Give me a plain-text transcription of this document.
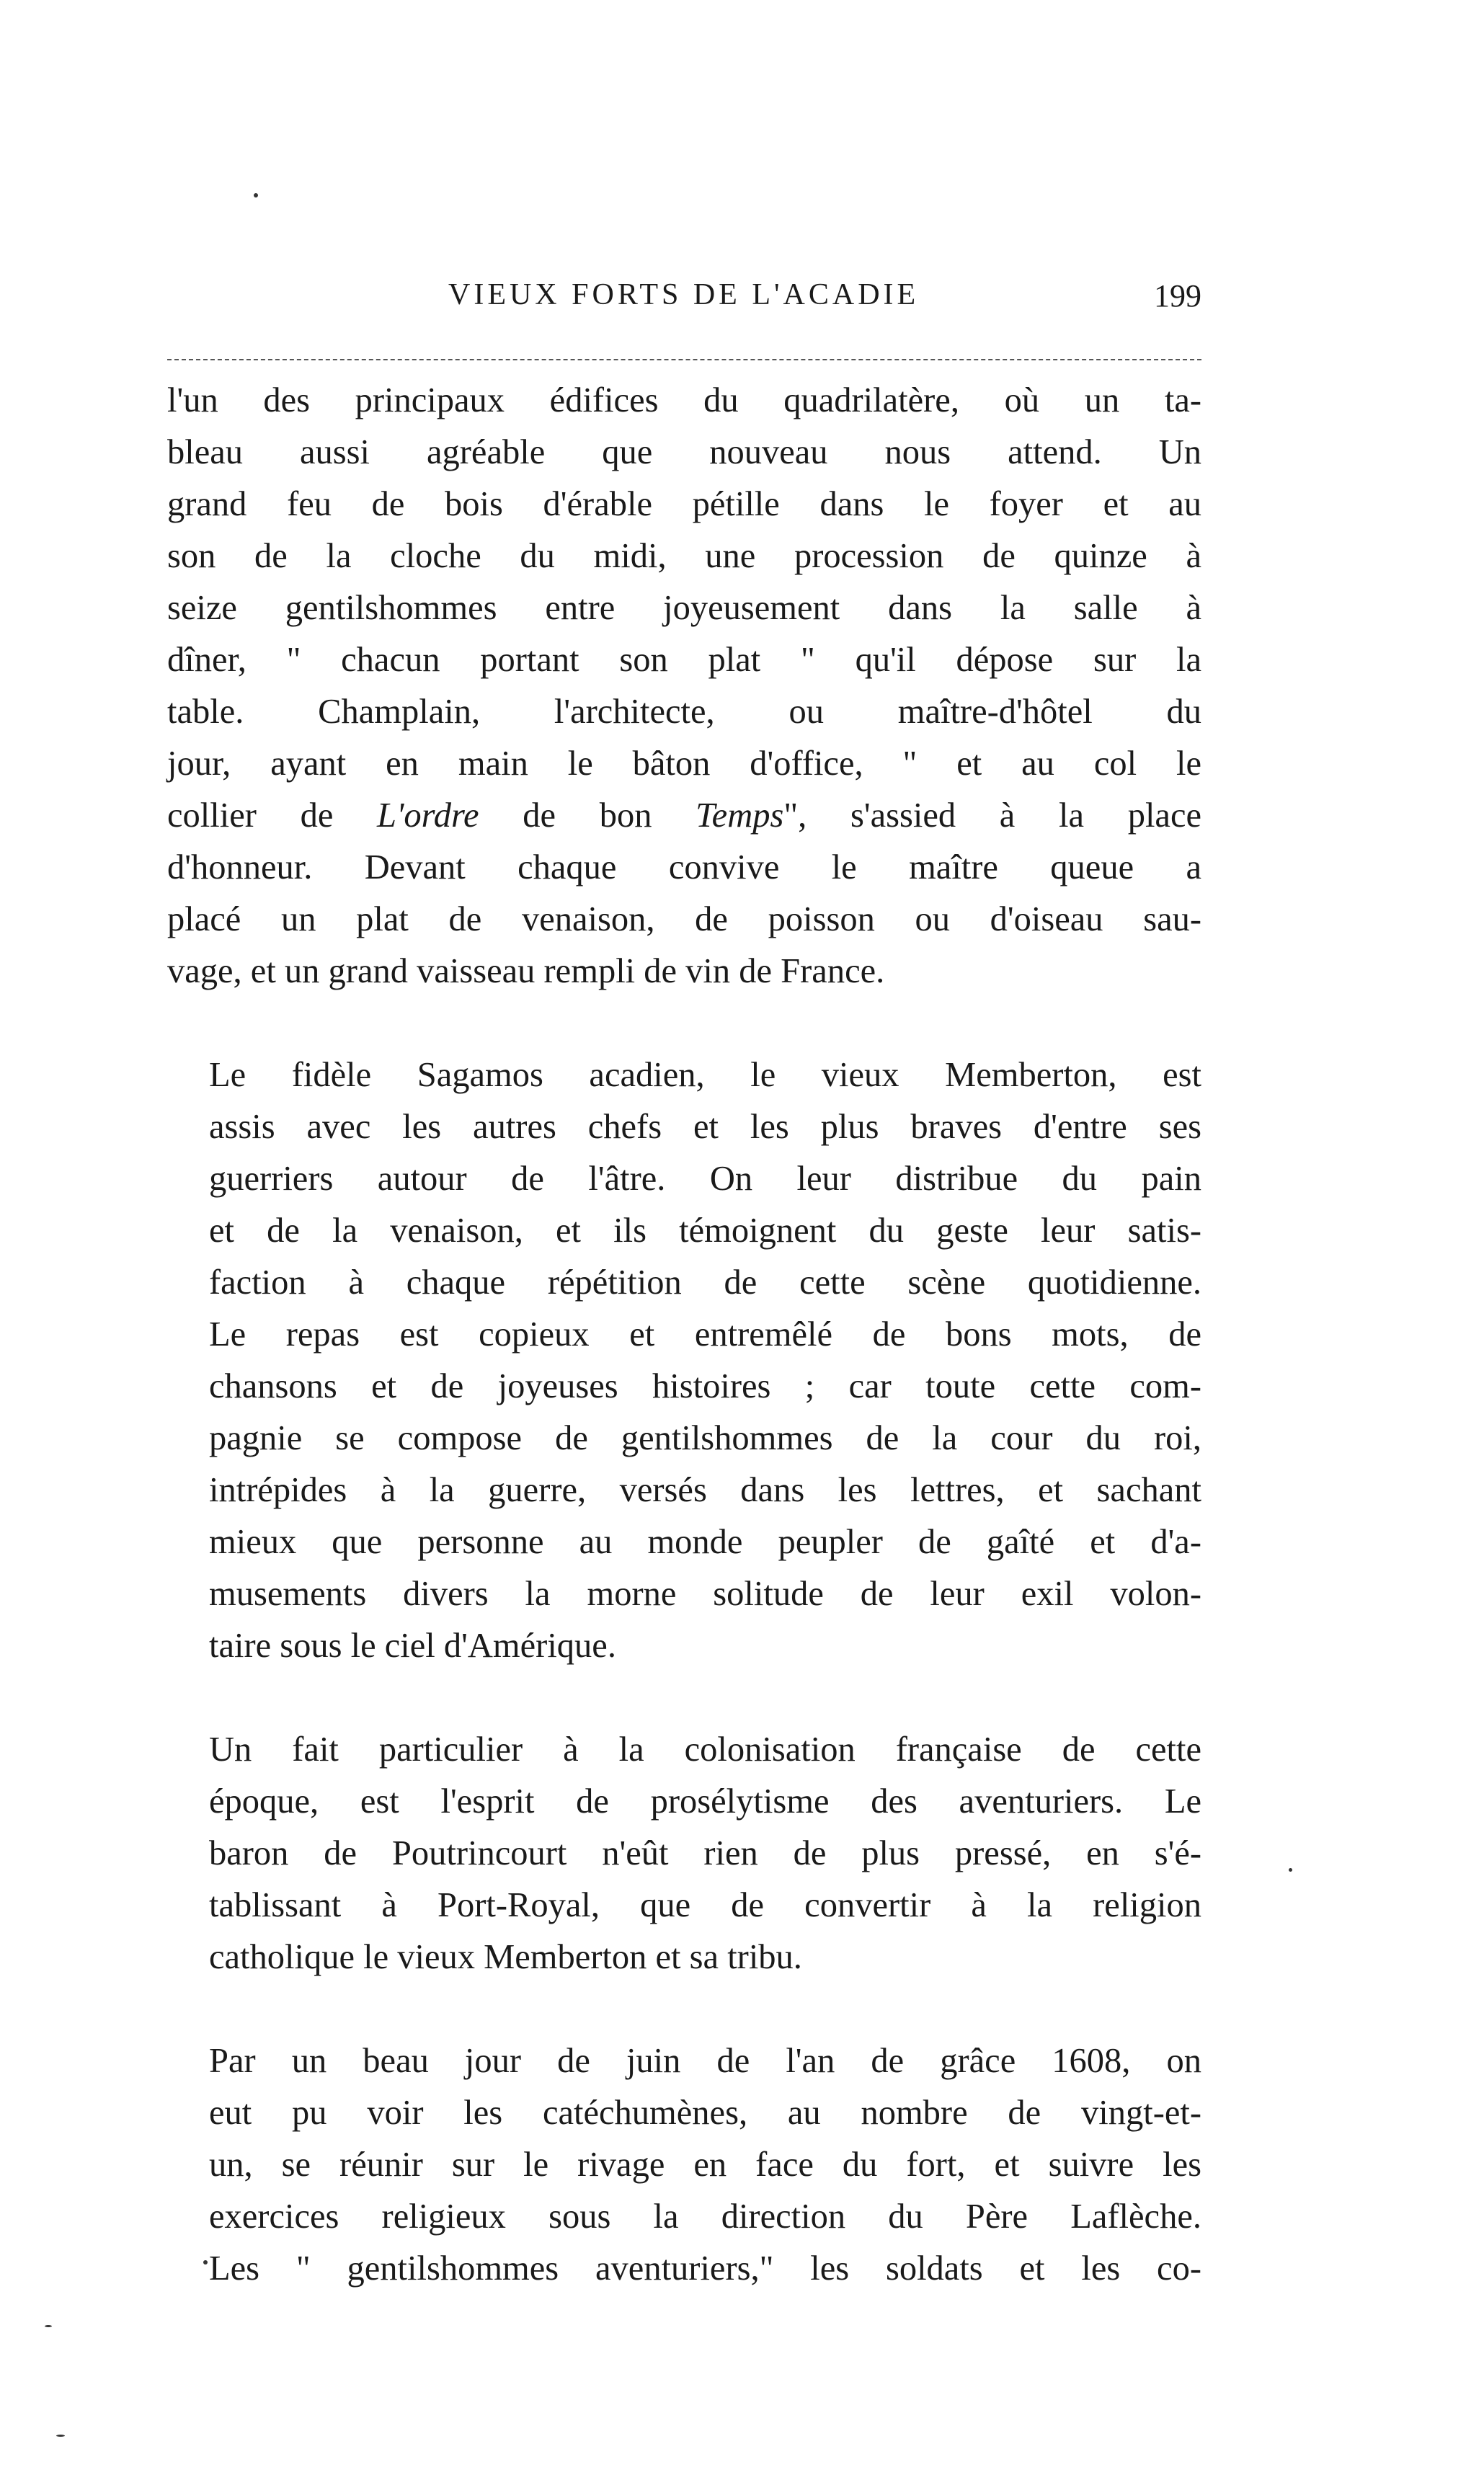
VIEUX FORTS DE L'ACADIE	199

l'un des principaux édifices du quadrilatère, où un ta-
bleau aussi agréable que nouveau nous attend. Un
grand feu de bois d'érable pétille dans le foyer et au
son de la cloche du midi, une procession de quinze à
seize gentilshommes entre joyeusement dans la salle à
dîner, " chacun portant son plat " qu'il dépose sur la
table. Champlain, l'architecte, ou maître-d'hôtel du
jour, ayant en main le bâton d'office, " et au col le
collier de L'ordre de bon Temps", s'assied à la place
d'honneur. Devant chaque convive le maître queue a
placé un plat de venaison, de poisson ou d'oiseau sau-
vage, et un grand vaisseau rempli de vin de France.

Le fidèle Sagamos acadien, le vieux Memberton, est
assis avec les autres chefs et les plus braves d'entre ses
guerriers autour de l'âtre. On leur distribue du pain
et de la venaison, et ils témoignent du geste leur satis-
faction à chaque répétition de cette scène quotidienne.
Le repas est copieux et entremêlé de bons mots, de
chansons et de joyeuses histoires ; car toute cette com-
pagnie se compose de gentilshommes de la cour du roi,
intrépides à la guerre, versés dans les lettres, et sachant
mieux que personne au monde peupler de gaîté et d'a-
musements divers la morne solitude de leur exil volon-
taire sous le ciel d'Amérique.

Un fait particulier à la colonisation française de cette
époque, est l'esprit de prosélytisme des aventuriers. Le
baron de Poutrincourt n'eût rien de plus pressé, en s'é-
tablissant à Port-Royal, que de convertir à la religion
catholique le vieux Memberton et sa tribu.

Par un beau jour de juin de l'an de grâce 1608, on
eut pu voir les catéchumènes, au nombre de vingt-et-
un, se réunir sur le rivage en face du fort, et suivre les
exercices religieux sous la direction du Père Laflèche.
Les " gentilshommes aventuriers," les soldats et les co-
